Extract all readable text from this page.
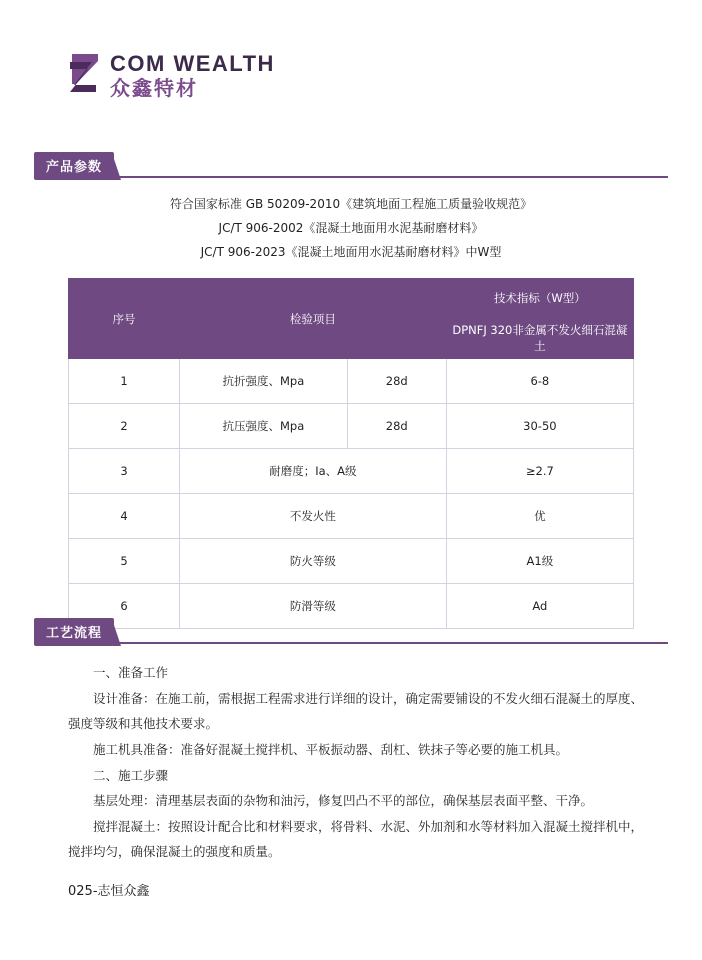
COM WEALTH
众鑫特材
产品参数
符合国家标准 GB 50209-2010《建筑地面工程施工质量验收规范》
JC/T 906-2002《混凝土地面用水泥基耐磨材料》
JC/T 906-2023《混凝土地面用水泥基耐磨材料》中W型
序号	检验项目		技术指标（W型）
			DPNFJ 320非金属不发火细石混凝土
1	抗折强度、Mpa	28d	6-8
2	抗压强度、Mpa	28d	30-50
3	耐磨度；Ia、A级		≥2.7
4	不发火性		优
5	防火等级		A1级
6	防滑等级		Ad
工艺流程

一、准备工作

设计准备：在施工前，需根据工程需求进行详细的设计，确定需要铺设的不发火细石混凝土的厚度、强度等级和其他技术要求。

施工机具准备：准备好混凝土搅拌机、平板振动器、刮杠、铁抹子等必要的施工机具。

二、施工步骤

基层处理：清理基层表面的杂物和油污，修复凹凸不平的部位，确保基层表面平整、干净。

搅拌混凝土：按照设计配合比和材料要求，将骨料、水泥、外加剂和水等材料加入混凝土搅拌机中，搅拌均匀，确保混凝土的强度和质量。

025-志恒众鑫
